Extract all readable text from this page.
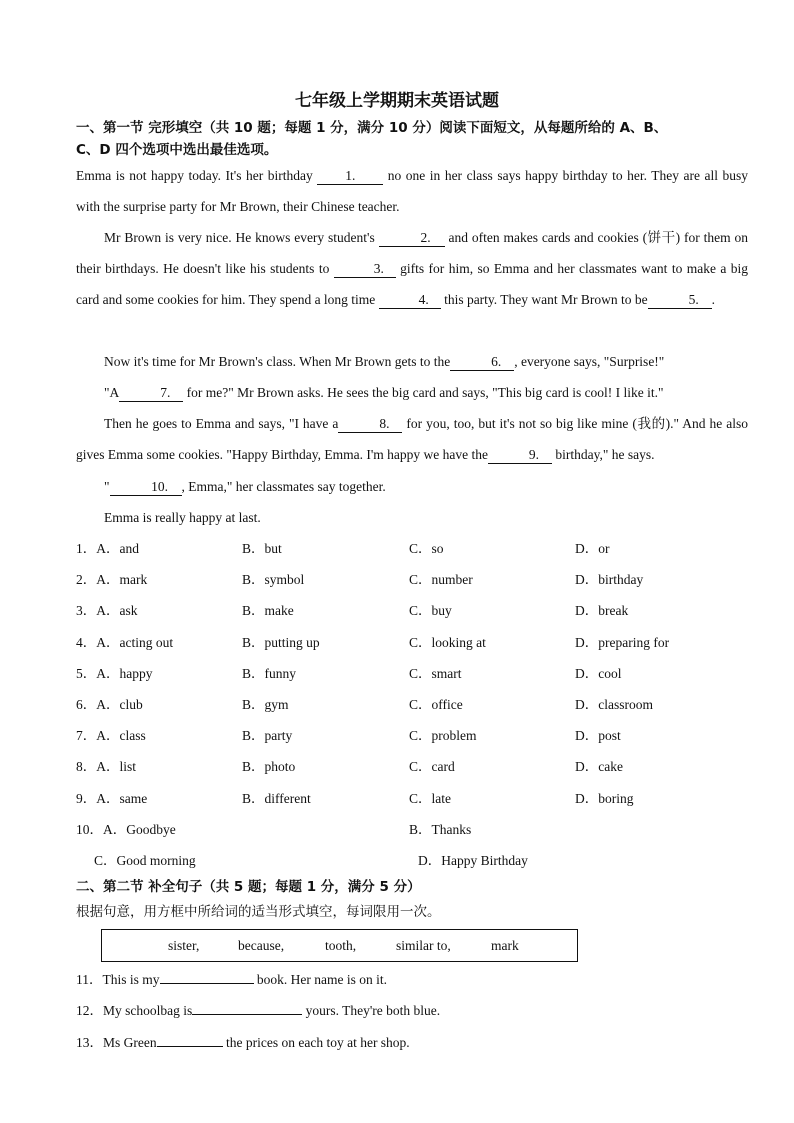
七年级上学期期末英语试题
一、第一节 完形填空（共 10 题；每题 1 分，满分 10 分）阅读下面短文，从每题所给的 A、B、
C、D 四个选项中选出最佳选项。
Emma is not happy today. It's her birthday 1. no one in her class says happy birthday to her. They are all busy with the surprise party for Mr Brown, their Chinese teacher.
Mr Brown is very nice. He knows every student's	2. and often makes cards and cookies (饼干) for them on their birthdays. He doesn't like his students to	3. gifts for him, so Emma and her classmates want to make a big card and some cookies for him. They spend a long time	4. this party. They want Mr Brown to be	5. .
Now it's time for Mr Brown's class. When Mr Brown gets to the	6. , everyone says, "Surprise!"
"A	7. for me?" Mr Brown asks. He sees the big card and says, "This big card is cool! I like it."
Then he goes to Emma and says, "I have a	8. for you, too, but it's not so big like mine (我的)." And he also gives Emma some cookies. "Happy Birthday, Emma. I'm happy we have the	9. birthday," he says.
"	10. , Emma," her classmates say together.
Emma is really happy at last.
1．A．and	B．but	C．so	D．or
2．A．mark	B．symbol	C．number	D．birthday
3．A．ask	B．make	C．buy	D．break
4．A．acting out	B．putting up	C．looking at	D．preparing for
5．A．happy	B．funny	C．smart	D．cool
6．A．club	B．gym	C．office	D．classroom
7．A．class	B．party	C．problem	D．post
8．A．list	B．photo	C．card	D．cake
9．A．same	B．different	C．late	D．boring
10．A．Goodbye	B．Thanks
C．Good morning	D．Happy Birthday
二、第二节 补全句子（共 5 题；每题 1 分，满分 5 分）
根据句意，用方框中所给词的适当形式填空，每词限用一次。
sister,	because,	tooth,	similar to,	mark
11．This is my	book. Her name is on it.
12．My schoolbag is	yours. They're both blue.
13．Ms Green	the prices on each toy at her shop.
